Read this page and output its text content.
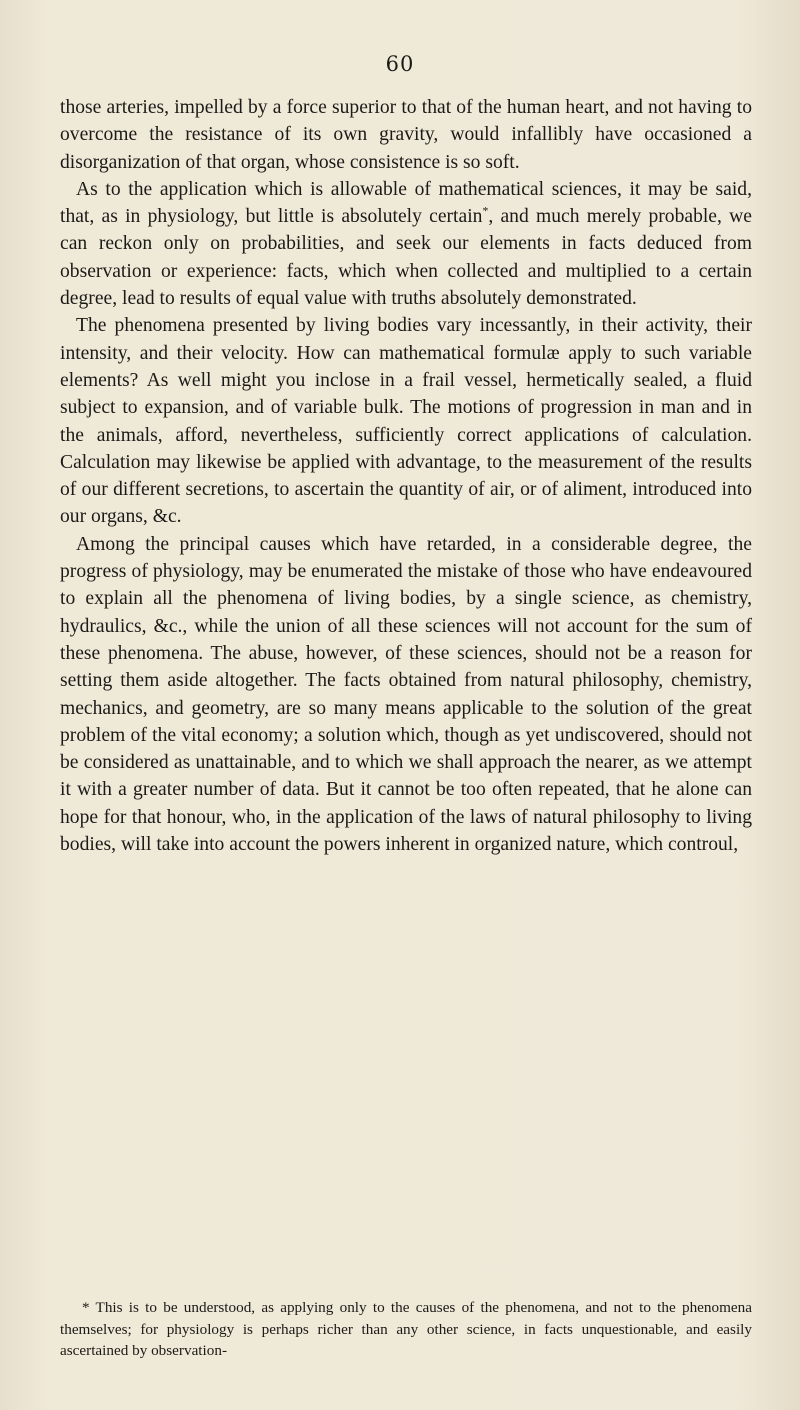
60

those arteries, impelled by a force superior to that of the human heart, and not having to overcome the resistance of its own gravity, would infallibly have occasioned a disorganization of that organ, whose consistence is so soft.

As to the application which is allowable of mathematical sciences, it may be said, that, as in physiology, but little is absolutely certain*, and much merely probable, we can reckon only on probabilities, and seek our elements in facts deduced from observation or experience: facts, which when collected and multiplied to a certain degree, lead to results of equal value with truths absolutely demonstrated.

The phenomena presented by living bodies vary incessantly, in their activity, their intensity, and their velocity. How can mathematical formulæ apply to such variable elements? As well might you inclose in a frail vessel, hermetically sealed, a fluid subject to expansion, and of variable bulk. The motions of progression in man and in the animals, afford, nevertheless, sufficiently correct applications of calculation. Calculation may likewise be applied with advantage, to the measurement of the results of our different secretions, to ascertain the quantity of air, or of aliment, introduced into our organs, &c.

Among the principal causes which have retarded, in a considerable degree, the progress of physiology, may be enumerated the mistake of those who have endeavoured to explain all the phenomena of living bodies, by a single science, as chemistry, hydraulics, &c., while the union of all these sciences will not account for the sum of these phenomena. The abuse, however, of these sciences, should not be a reason for setting them aside altogether. The facts obtained from natural philosophy, chemistry, mechanics, and geometry, are so many means applicable to the solution of the great problem of the vital economy; a solution which, though as yet undiscovered, should not be considered as unattainable, and to which we shall approach the nearer, as we attempt it with a greater number of data. But it cannot be too often repeated, that he alone can hope for that honour, who, in the application of the laws of natural philosophy to living bodies, will take into account the powers inherent in organized nature, which controul,

* This is to be understood, as applying only to the causes of the phenomena, and not to the phenomena themselves; for physiology is perhaps richer than any other science, in facts unquestionable, and easily ascertained by observation-
